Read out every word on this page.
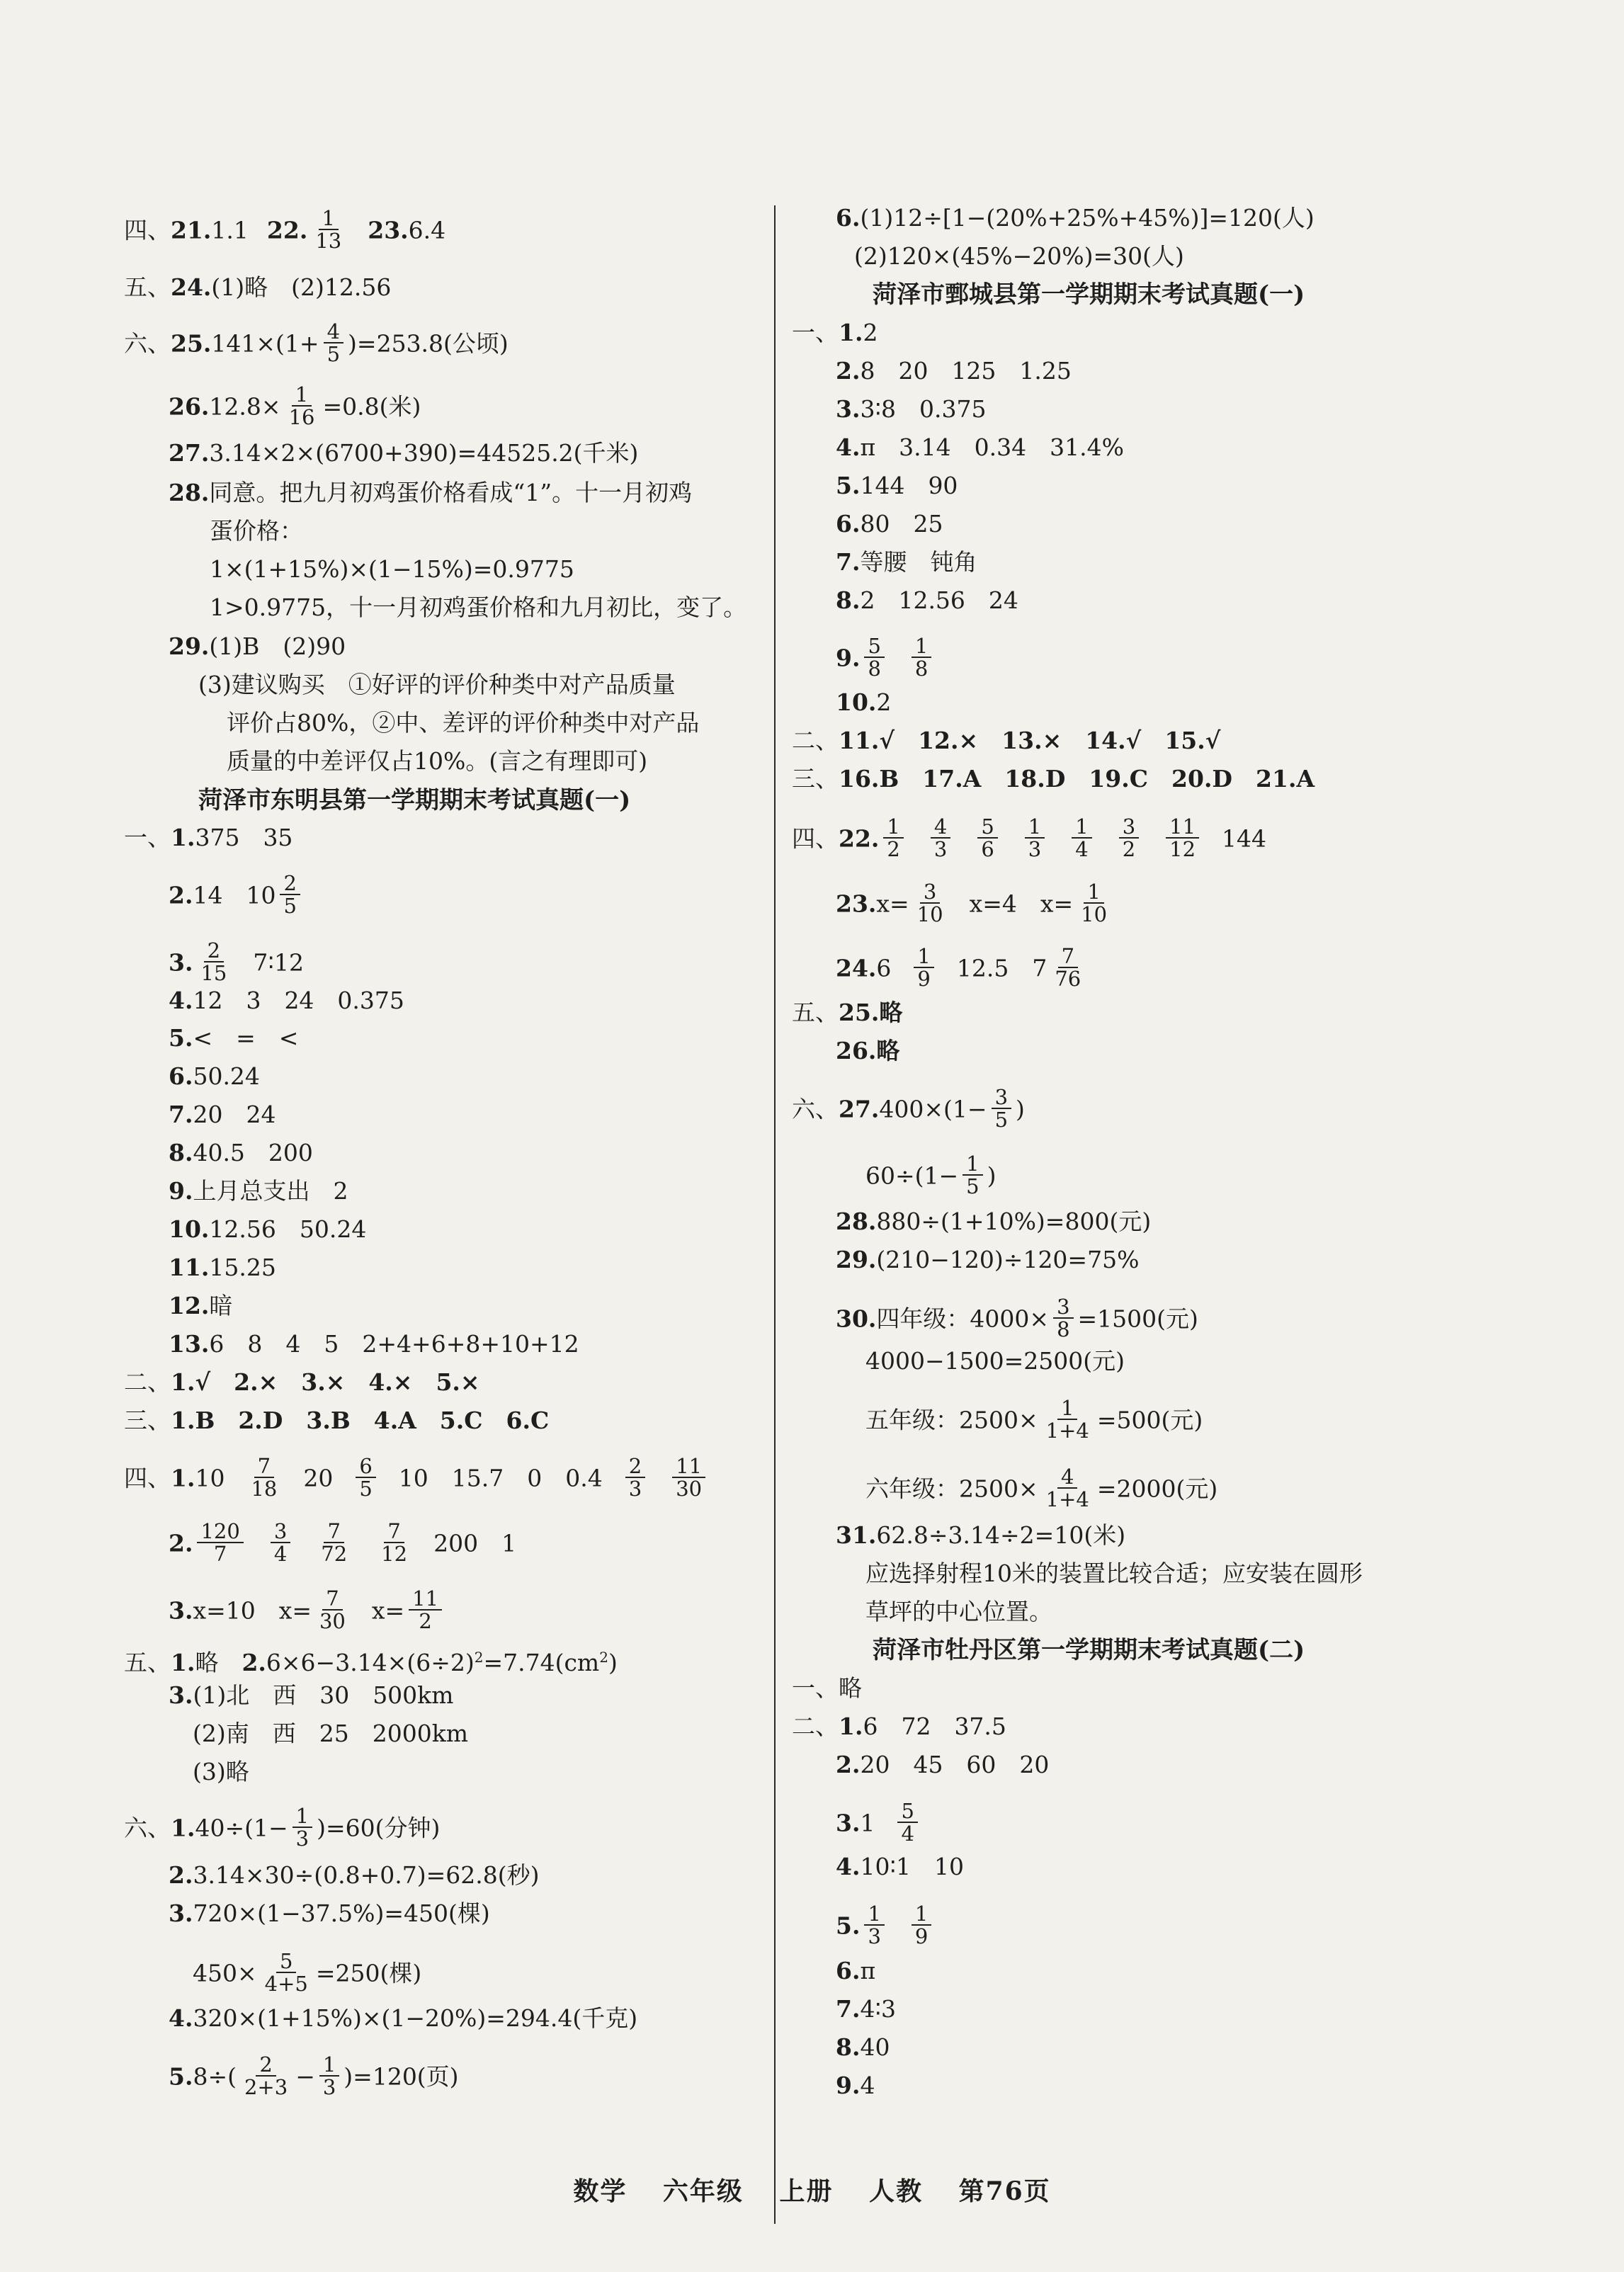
四、21.1.1 22. $\frac{1}{13} 23.6.4$
五、24.(1)略　(2)12.56
六、$25.141\times(1+ \frac{4}{5} )=253.8$(公顷)
$26.12.8\times \frac{1}{16} =0.8$(米)
27.3.14×2×(6700+390)=44525.2(千米)
28.同意。把九月初鸡蛋价格看成“1”。十一月初鸡
蛋价格：
1×(1+15%)×(1−15%)=0.9775
1>0.9775，十一月初鸡蛋价格和九月初比，变了。
29.(1)B　(2)90
(3)建议购买　①好评的评价种类中对产品质量
评价占80%，②中、差评的评价种类中对产品
质量的中差评仅占10%。(言之有理即可)
菏泽市东明县第一学期期末考试真题(一)
一、1.375　35
2.14　$10 \frac{2}{5}$
3. $\frac{2}{15}$ 7∶12
4.12　3　24　0.375
5.<　=　<
6.50.24
7.20　24
8.40.5　200
9.上月总支出　2
10.12.56　50.24
11.15.25
12.暗
13.6　8　4　5　2+4+6+8+10+12
二、1.√　2.×　3.×　4.×　5.×
三、1.B　2.D　3.B　4.A　5.C　6.C
四、$1.10 \frac{7}{18} 20 \frac{6}{5} 10$　15.7　0　$0.4 \frac{2}{3} \frac{11}{30}$
2. $\frac{120}{7} \frac{3}{4} \frac{7}{72} \frac{7}{12} 200$　1
3.x=10　$x= \frac{7}{30} x= \frac{11}{2}$
五、1.略　$2.6\times 6-3.14\times(6\div 2)^2=7.74(cm^2)$
3.(1)北　西　30　500km
(2)南　西　25　2000km
(3)略
六、$1.40\div(1- \frac{1}{3} )=60$(分钟)
2.3.14×30÷(0.8+0.7)=62.8(秒)
3.720×(1−37.5%)=450(棵)
$450\times \frac{5}{4+5} =250$(棵)
4.320×(1+15%)×(1−20%)=294.4(千克)
$5.8\div( \frac{2}{2+3} - \frac{1}{3} )=120$(页)
6.(1)12÷[1−(20%+25%+45%)]=120(人)
(2)120×(45%−20%)=30(人)
菏泽市鄄城县第一学期期末考试真题(一)
一、1.2
2.8　20　125　1.25
3.3∶8　0.375
4.π　3.14　0.34　31.4%
5.144　90
6.80　25
7.等腰　钝角
8.2　12.56　24
9. $\frac{5}{8} \frac{1}{8}$
10.2
二、11.√　12.×　13.×　14.√　15.√
三、16.B　17.A　18.D　19.C　20.D　21.A
四、22. $\frac{1}{2} \frac{4}{3} \frac{5}{6} \frac{1}{3} \frac{1}{4} \frac{3}{2} \frac{11}{12} 144$
$23.x= \frac{3}{10} x=4$　$x= \frac{1}{10}$
$24.6 \frac{1}{9} 12.5$　$7 \frac{7}{76}$
五、25.略
26.略
六、$27.400\times(1- \frac{3}{5}$ )
$60\div(1- \frac{1}{5}$ )
28.880÷(1+10%)=800(元)
29.(210−120)÷120=75%
30.四年级：$4000\times \frac{3}{8} =1500$(元)
4000−1500=2500(元)
五年级：$2500\times \frac{1}{1+4} =500$(元)
六年级：$2500\times \frac{4}{1+4} =2000$(元)
31.62.8÷3.14÷2=10(米)
应选择射程10米的装置比较合适；应安装在圆形
草坪的中心位置。
菏泽市牡丹区第一学期期末考试真题(二)
一、略
二、1.6　72　37.5
2.20　45　60　20
$3.1 \frac{5}{4}$
4.10∶1　10
5. $\frac{1}{3} \frac{1}{9}$
6.π
7.4∶3
8.40
9.4
数学 六年级 上册 人教 第76页
